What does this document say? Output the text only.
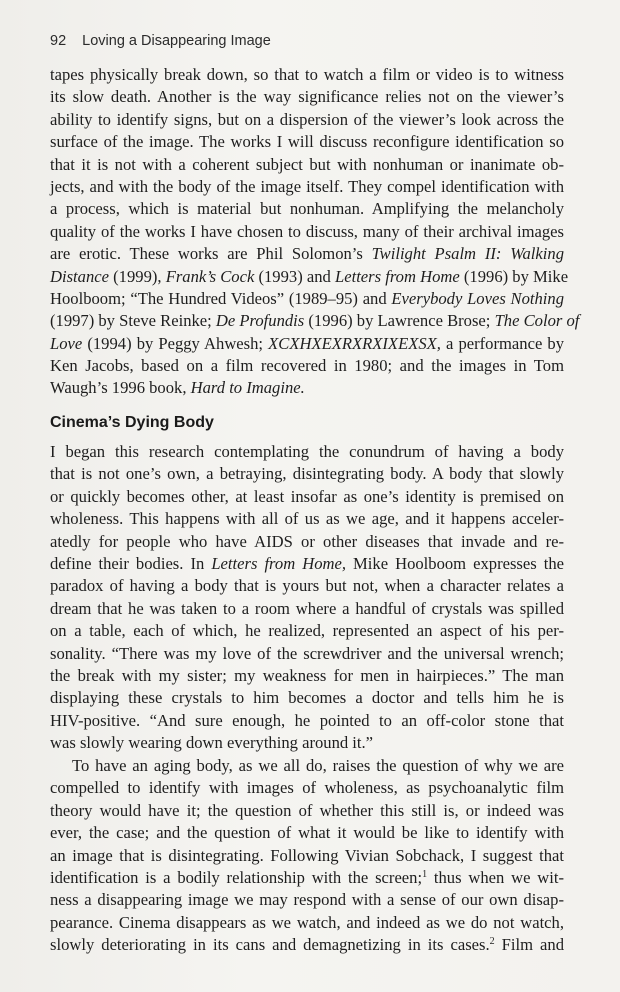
92 Loving a Disappearing Image
tapes physically break down, so that to watch a film or video is to witness
its slow death. Another is the way significance relies not on the viewer’s
ability to identify signs, but on a dispersion of the viewer’s look across the
surface of the image. The works I will discuss reconfigure identification so
that it is not with a coherent subject but with nonhuman or inanimate ob-
jects, and with the body of the image itself. They compel identification with
a process, which is material but nonhuman. Amplifying the melancholy
quality of the works I have chosen to discuss, many of their archival images
are erotic. These works are Phil Solomon’s Twilight Psalm II: Walking
Distance (1999), Frank’s Cock (1993) and Letters from Home (1996) by Mike
Hoolboom; “The Hundred Videos” (1989–95) and Everybody Loves Nothing
(1997) by Steve Reinke; De Profundis (1996) by Lawrence Brose; The Color of
Love (1994) by Peggy Ahwesh; XCXHXEXRXRXIXEXSX, a performance by
Ken Jacobs, based on a film recovered in 1980; and the images in Tom
Waugh’s 1996 book, Hard to Imagine.
Cinema’s Dying Body
I began this research contemplating the conundrum of having a body
that is not one’s own, a betraying, disintegrating body. A body that slowly
or quickly becomes other, at least insofar as one’s identity is premised on
wholeness. This happens with all of us as we age, and it happens acceler-
atedly for people who have AIDS or other diseases that invade and re-
define their bodies. In Letters from Home, Mike Hoolboom expresses the
paradox of having a body that is yours but not, when a character relates a
dream that he was taken to a room where a handful of crystals was spilled
on a table, each of which, he realized, represented an aspect of his per-
sonality. “There was my love of the screwdriver and the universal wrench;
the break with my sister; my weakness for men in hairpieces.” The man
displaying these crystals to him becomes a doctor and tells him he is
HIV-positive. “And sure enough, he pointed to an off-color stone that
was slowly wearing down everything around it.”
To have an aging body, as we all do, raises the question of why we are
compelled to identify with images of wholeness, as psychoanalytic film
theory would have it; the question of whether this still is, or indeed was
ever, the case; and the question of what it would be like to identify with
an image that is disintegrating. Following Vivian Sobchack, I suggest that
identification is a bodily relationship with the screen;$^1$ thus when we wit-
ness a disappearing image we may respond with a sense of our own disap-
pearance. Cinema disappears as we watch, and indeed as we do not watch,
slowly deteriorating in its cans and demagnetizing in its cases.$^2$ Film and
